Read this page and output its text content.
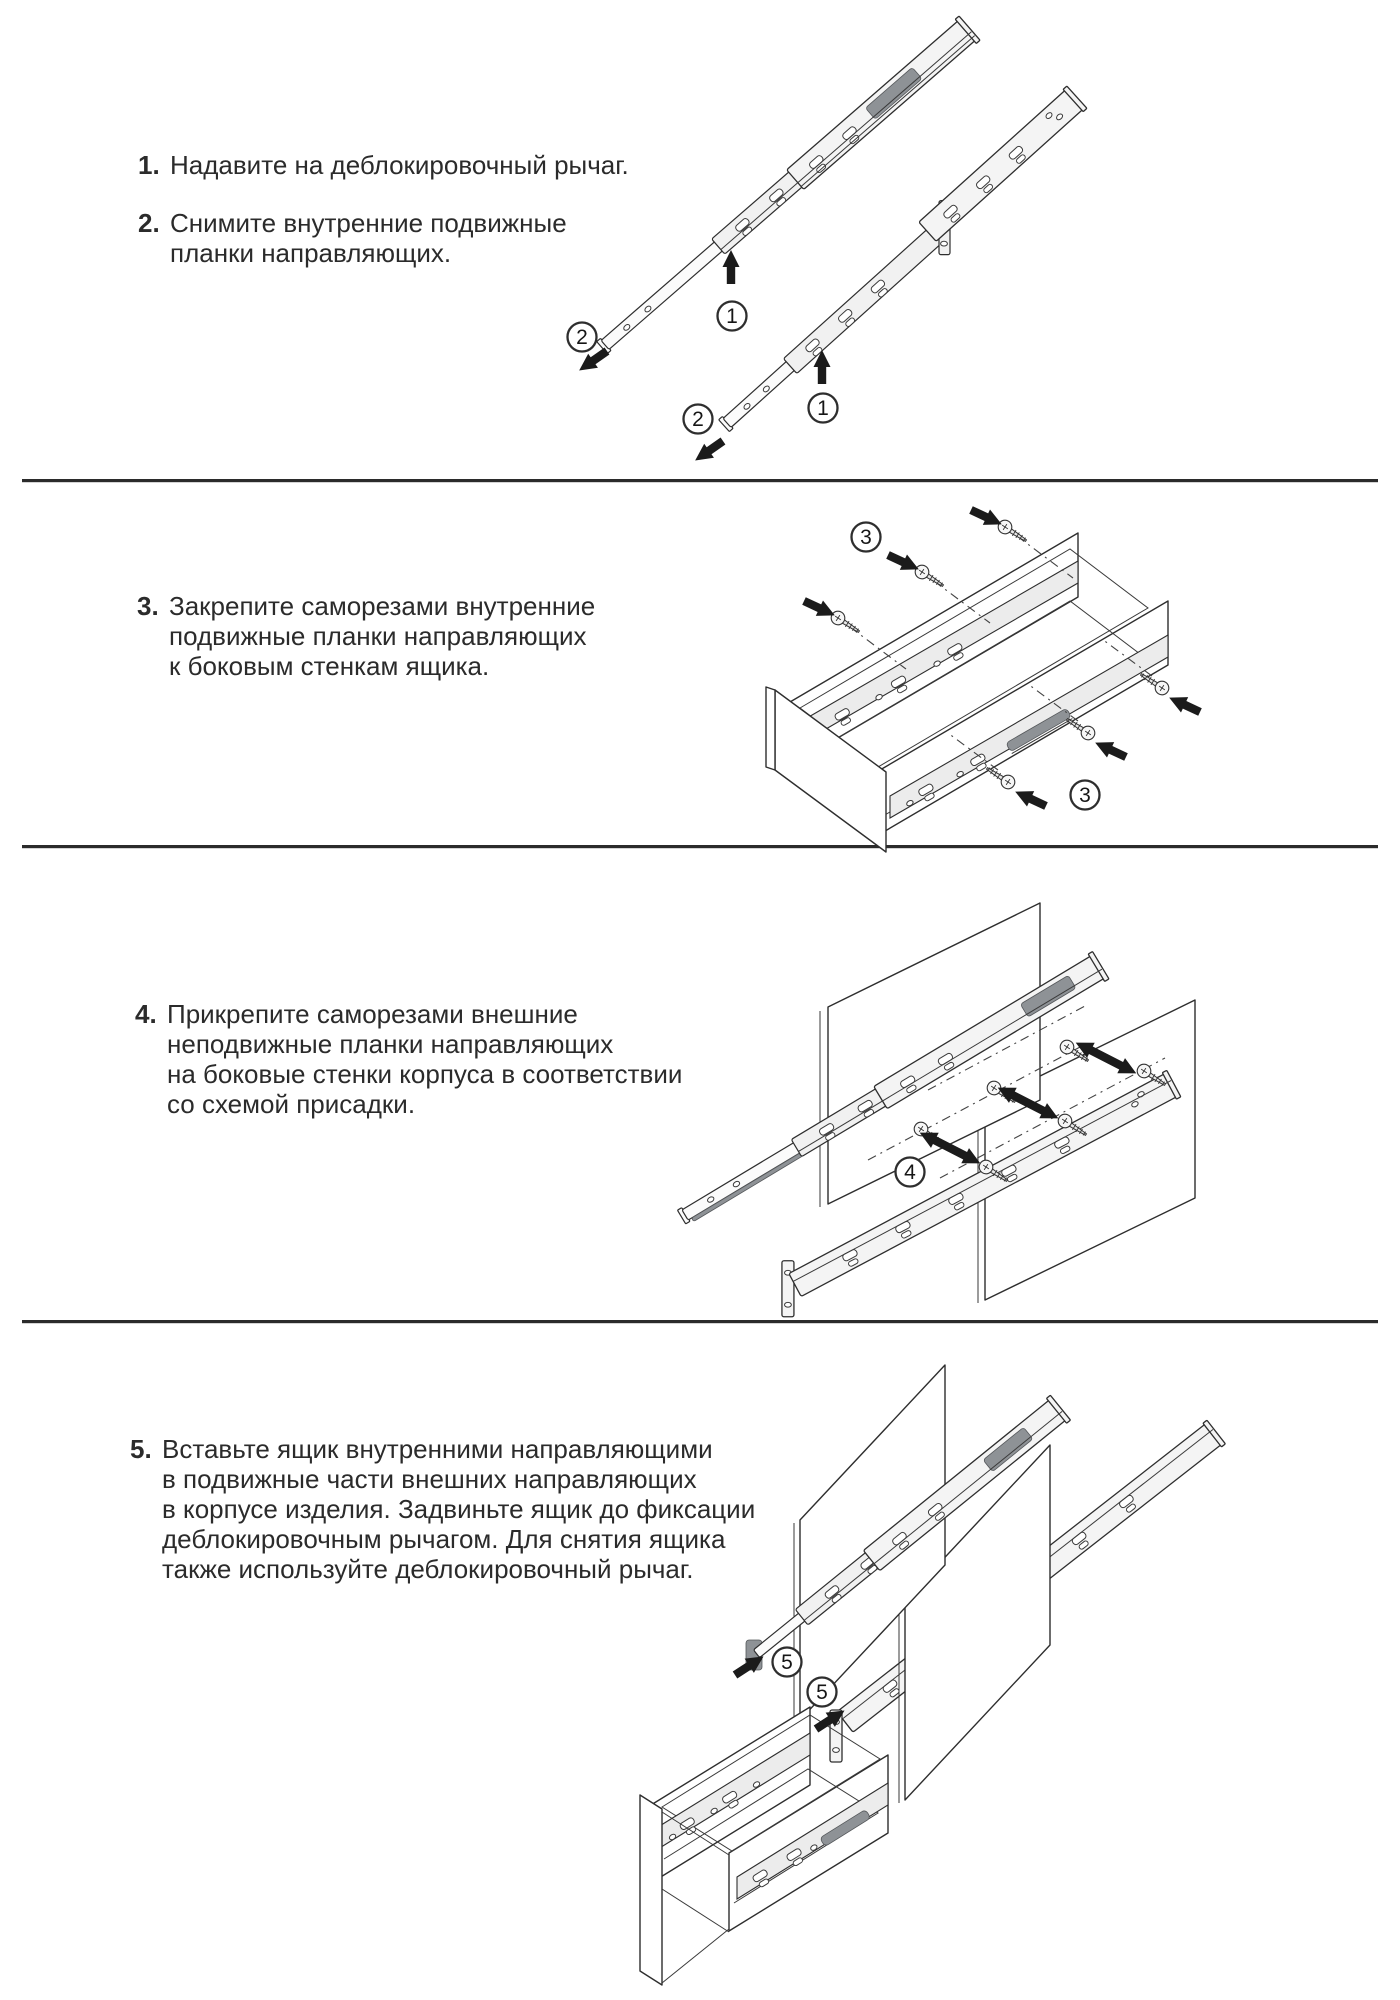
1
2
1
2
3
3
4
5
5
1. Надавите на деблокировочный рычаг.
2. Снимите внутренние подвижные
планки направляющих.
3. Закрепите саморезами внутренние
подвижные планки направляющих
к боковым стенкам ящика.
4. Прикрепите саморезами внешние
неподвижные планки направляющих
на боковые стенки корпуса в соответствии
со схемой присадки.
5. Вставьте ящик внутренними направляющими
в подвижные части внешних направляющих
в корпусе изделия. Задвиньте ящик до фиксации
деблокировочным рычагом. Для снятия ящика
также используйте деблокировочный рычаг.
